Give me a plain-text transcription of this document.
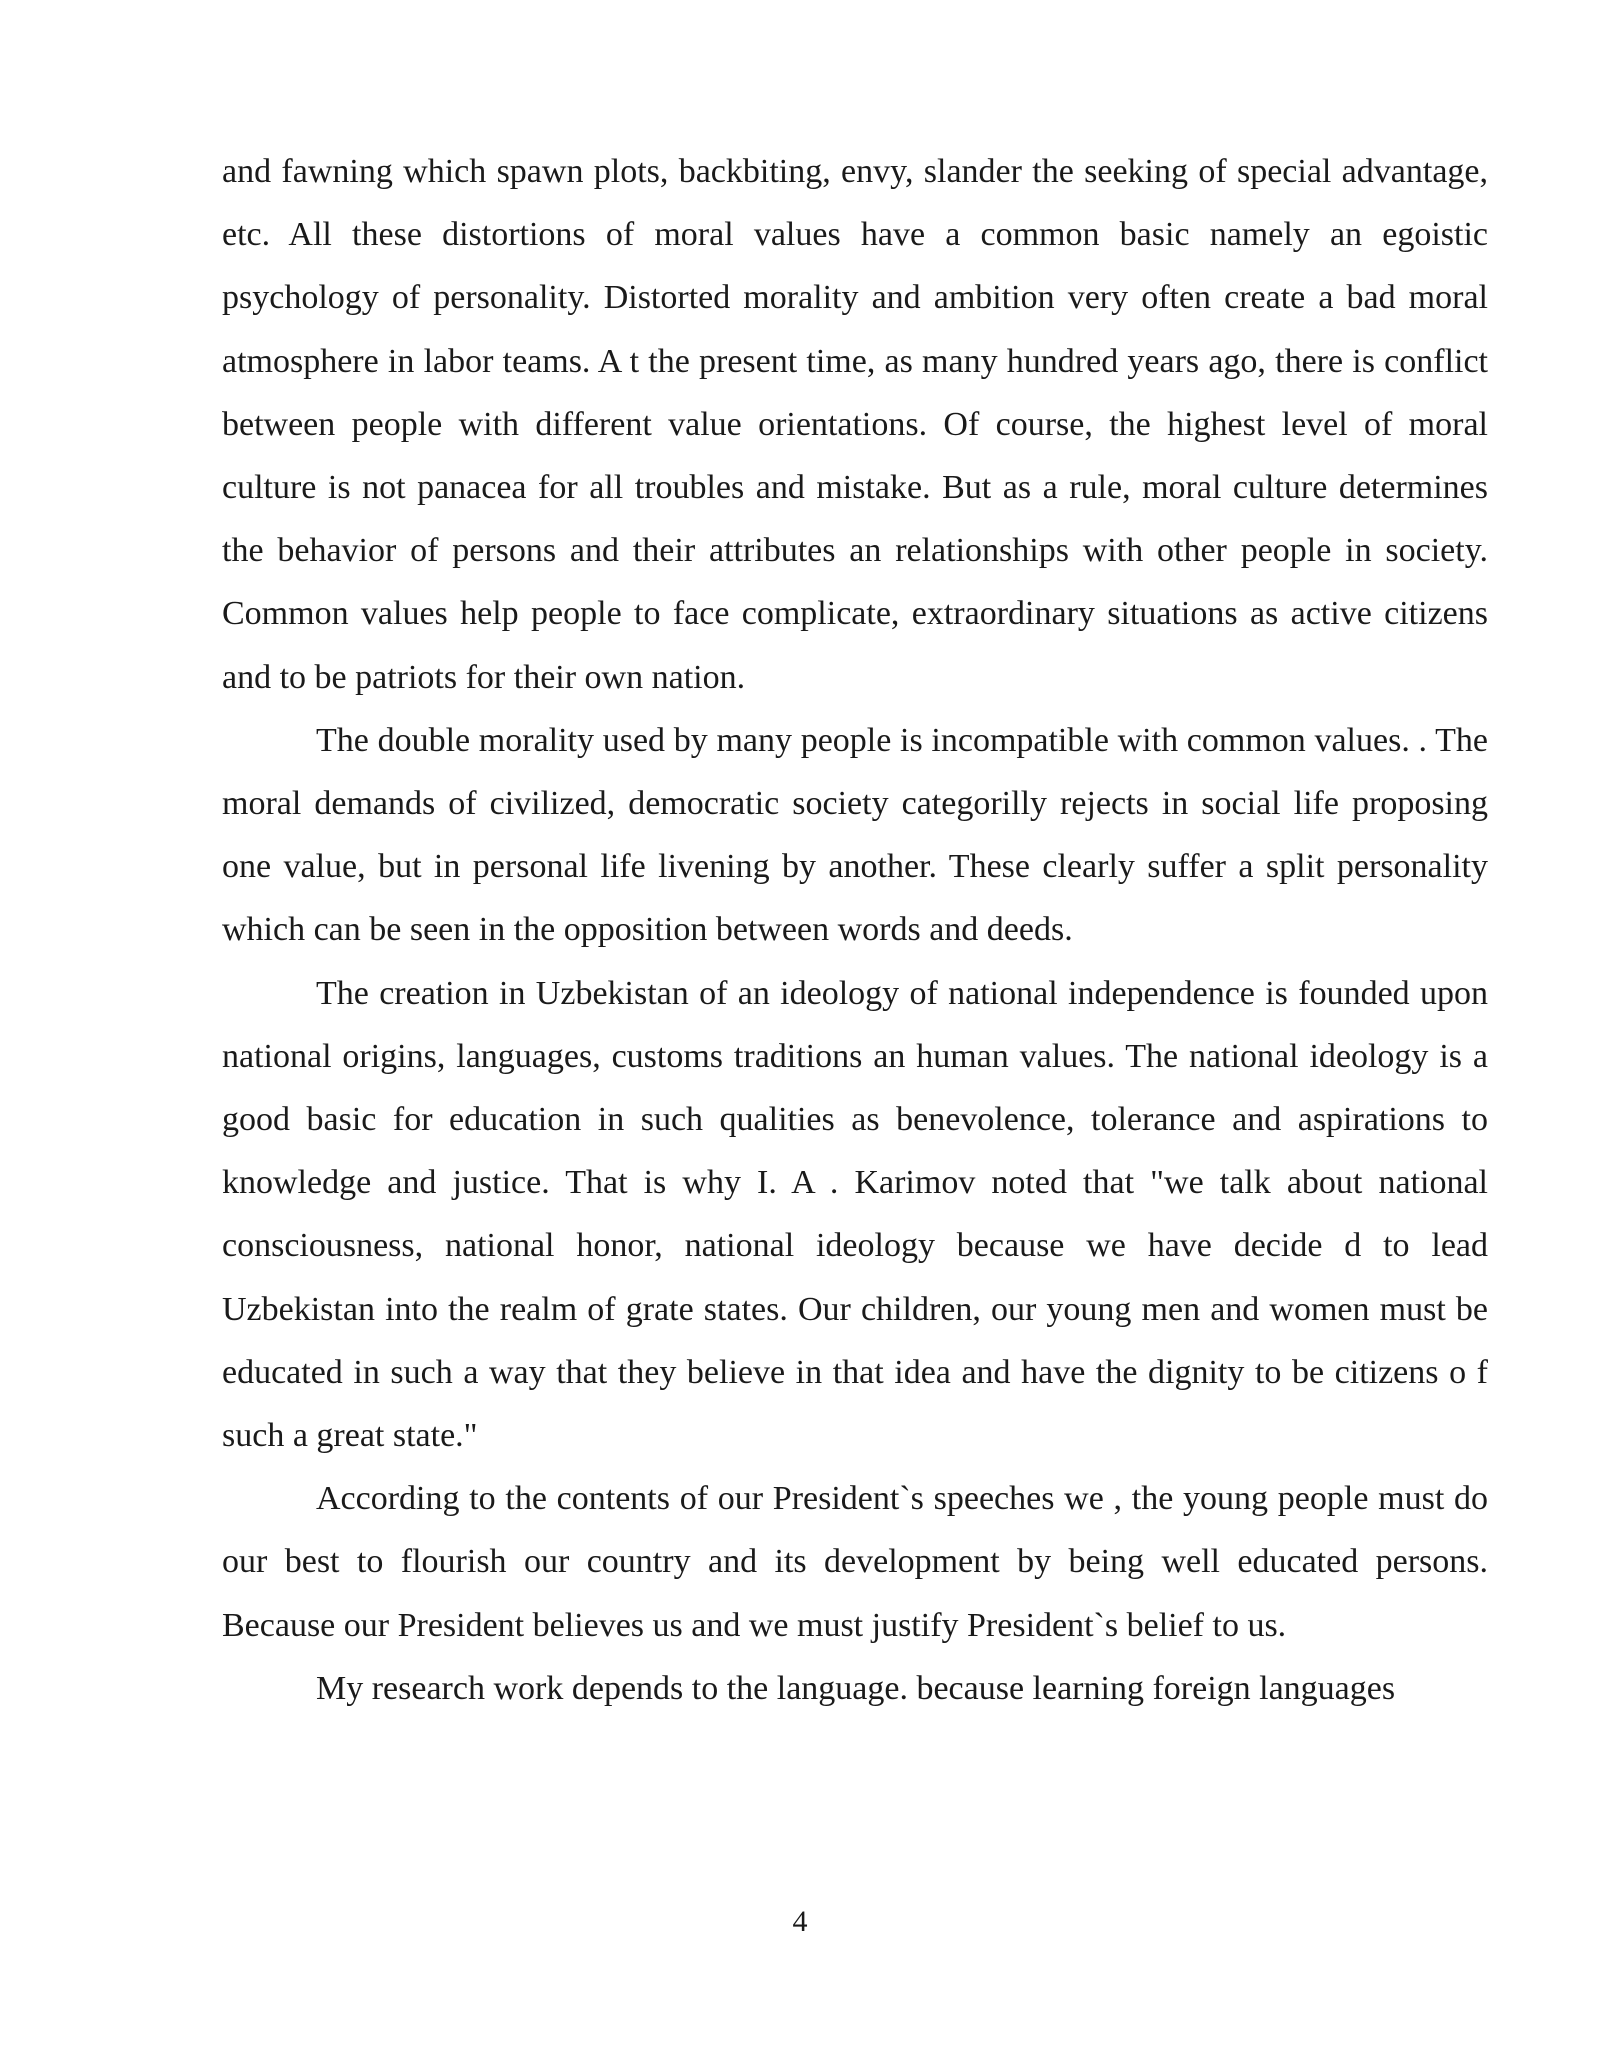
and fawning which spawn plots, backbiting, envy, slander the seeking of special advantage, etc. All these distortions of moral values have a common basic namely an egoistic psychology of personality. Distorted morality and ambition very often create a bad moral atmosphere in labor teams. A t the present time, as many hundred years ago, there is conflict between people with different value orientations. Of course, the highest level of moral culture is not panacea for all troubles and mistake. But as a rule, moral culture determines the behavior of persons and their attributes an relationships with other people in society. Common values help people to face complicate, extraordinary situations as active citizens and to be patriots for their own nation.

The double morality used by many people is incompatible with common values. . The moral demands of civilized, democratic society categorilly rejects in social life proposing one value, but in personal life livening by another. These clearly suffer a split personality which can be seen in the opposition between words and deeds.

The creation in Uzbekistan of an ideology of national independence is founded upon national origins, languages, customs traditions an human values. The national ideology is a good basic for education in such qualities as benevolence, tolerance and aspirations to knowledge and justice. That is why I. A . Karimov noted that "we talk about national consciousness, national honor, national ideology because we have decide d to lead Uzbekistan into the realm of grate states. Our children, our young men and women must be educated in such a way that they believe in that idea and have the dignity to be citizens o f such a great state."

According to the contents of our President`s speeches we , the young people must do our best to flourish our country and its development by being well educated persons. Because our President believes us and we must justify President`s belief to us.

My research work depends to the language. because learning foreign languages

4
